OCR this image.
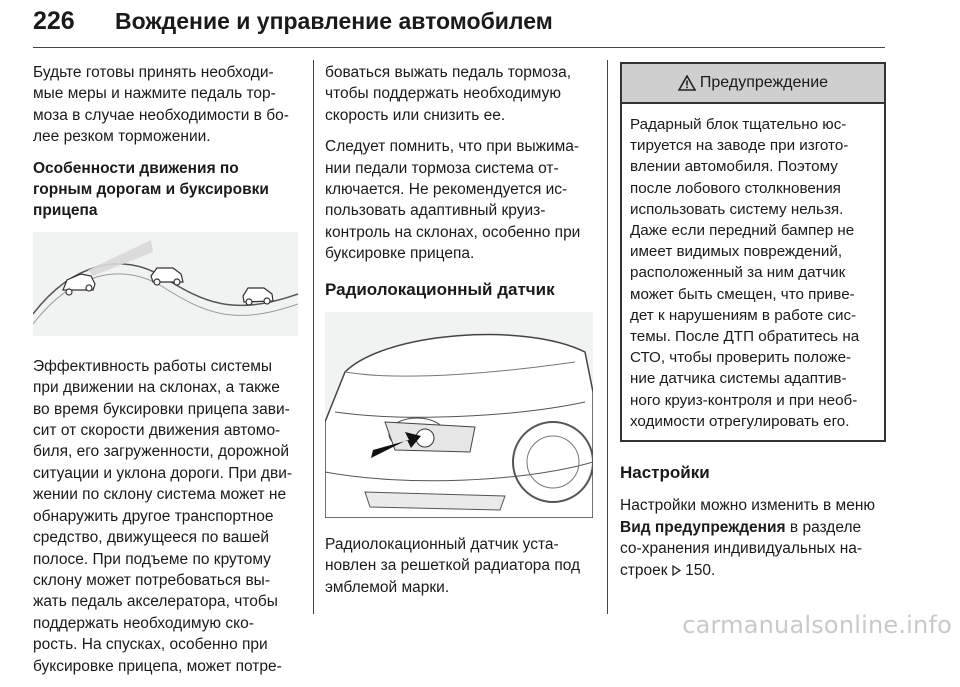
226 Вождение и управление автомобилем

Будьте готовы принять необходи-мые меры и нажмите педаль тор-моза в случае необходимости в бо-лее резком торможении.

Особенности движения по горным дорогам и буксировки прицепа

Эффективность работы системы при движении на склонах, а также во время буксировки прицепа зави-сит от скорости движения автомо-биля, его загруженности, дорожной ситуации и уклона дороги. При дви-жении по склону система может не обнаружить другое транспортное средство, движущееся по вашей полосе. При подъеме по крутому склону может потребоваться вы-жать педаль акселератора, чтобы поддержать необходимую ско-рость. На спусках, особенно при буксировке прицепа, может потре-

боваться выжать педаль тормоза, чтобы поддержать необходимую скорость или снизить ее.

Следует помнить, что при выжима-нии педали тормоза система от-ключается. Не рекомендуется ис-пользовать адаптивный круиз-контроль на склонах, особенно при буксировке прицепа.

Радиолокационный датчик

Радиолокационный датчик уста-новлен за решеткой радиатора под эмблемой марки.

Предупреждение
Радарный блок тщательно юс-тируется на заводе при изгото-влении автомобиля. Поэтому после лобового столкновения использовать систему нельзя. Даже если передний бампер не имеет видимых повреждений, расположенный за ним датчик может быть смещен, что приве-дет к нарушениям в работе сис-темы. После ДТП обратитесь на СТО, чтобы проверить положе-ние датчика системы адаптив-ного круиз-контроля и при необ-ходимости отрегулировать его.
Настройки

Настройки можно изменить в меню Вид предупреждения в разделе со-хранения индивидуальных на-строек 150.

carmanualsonline.info
